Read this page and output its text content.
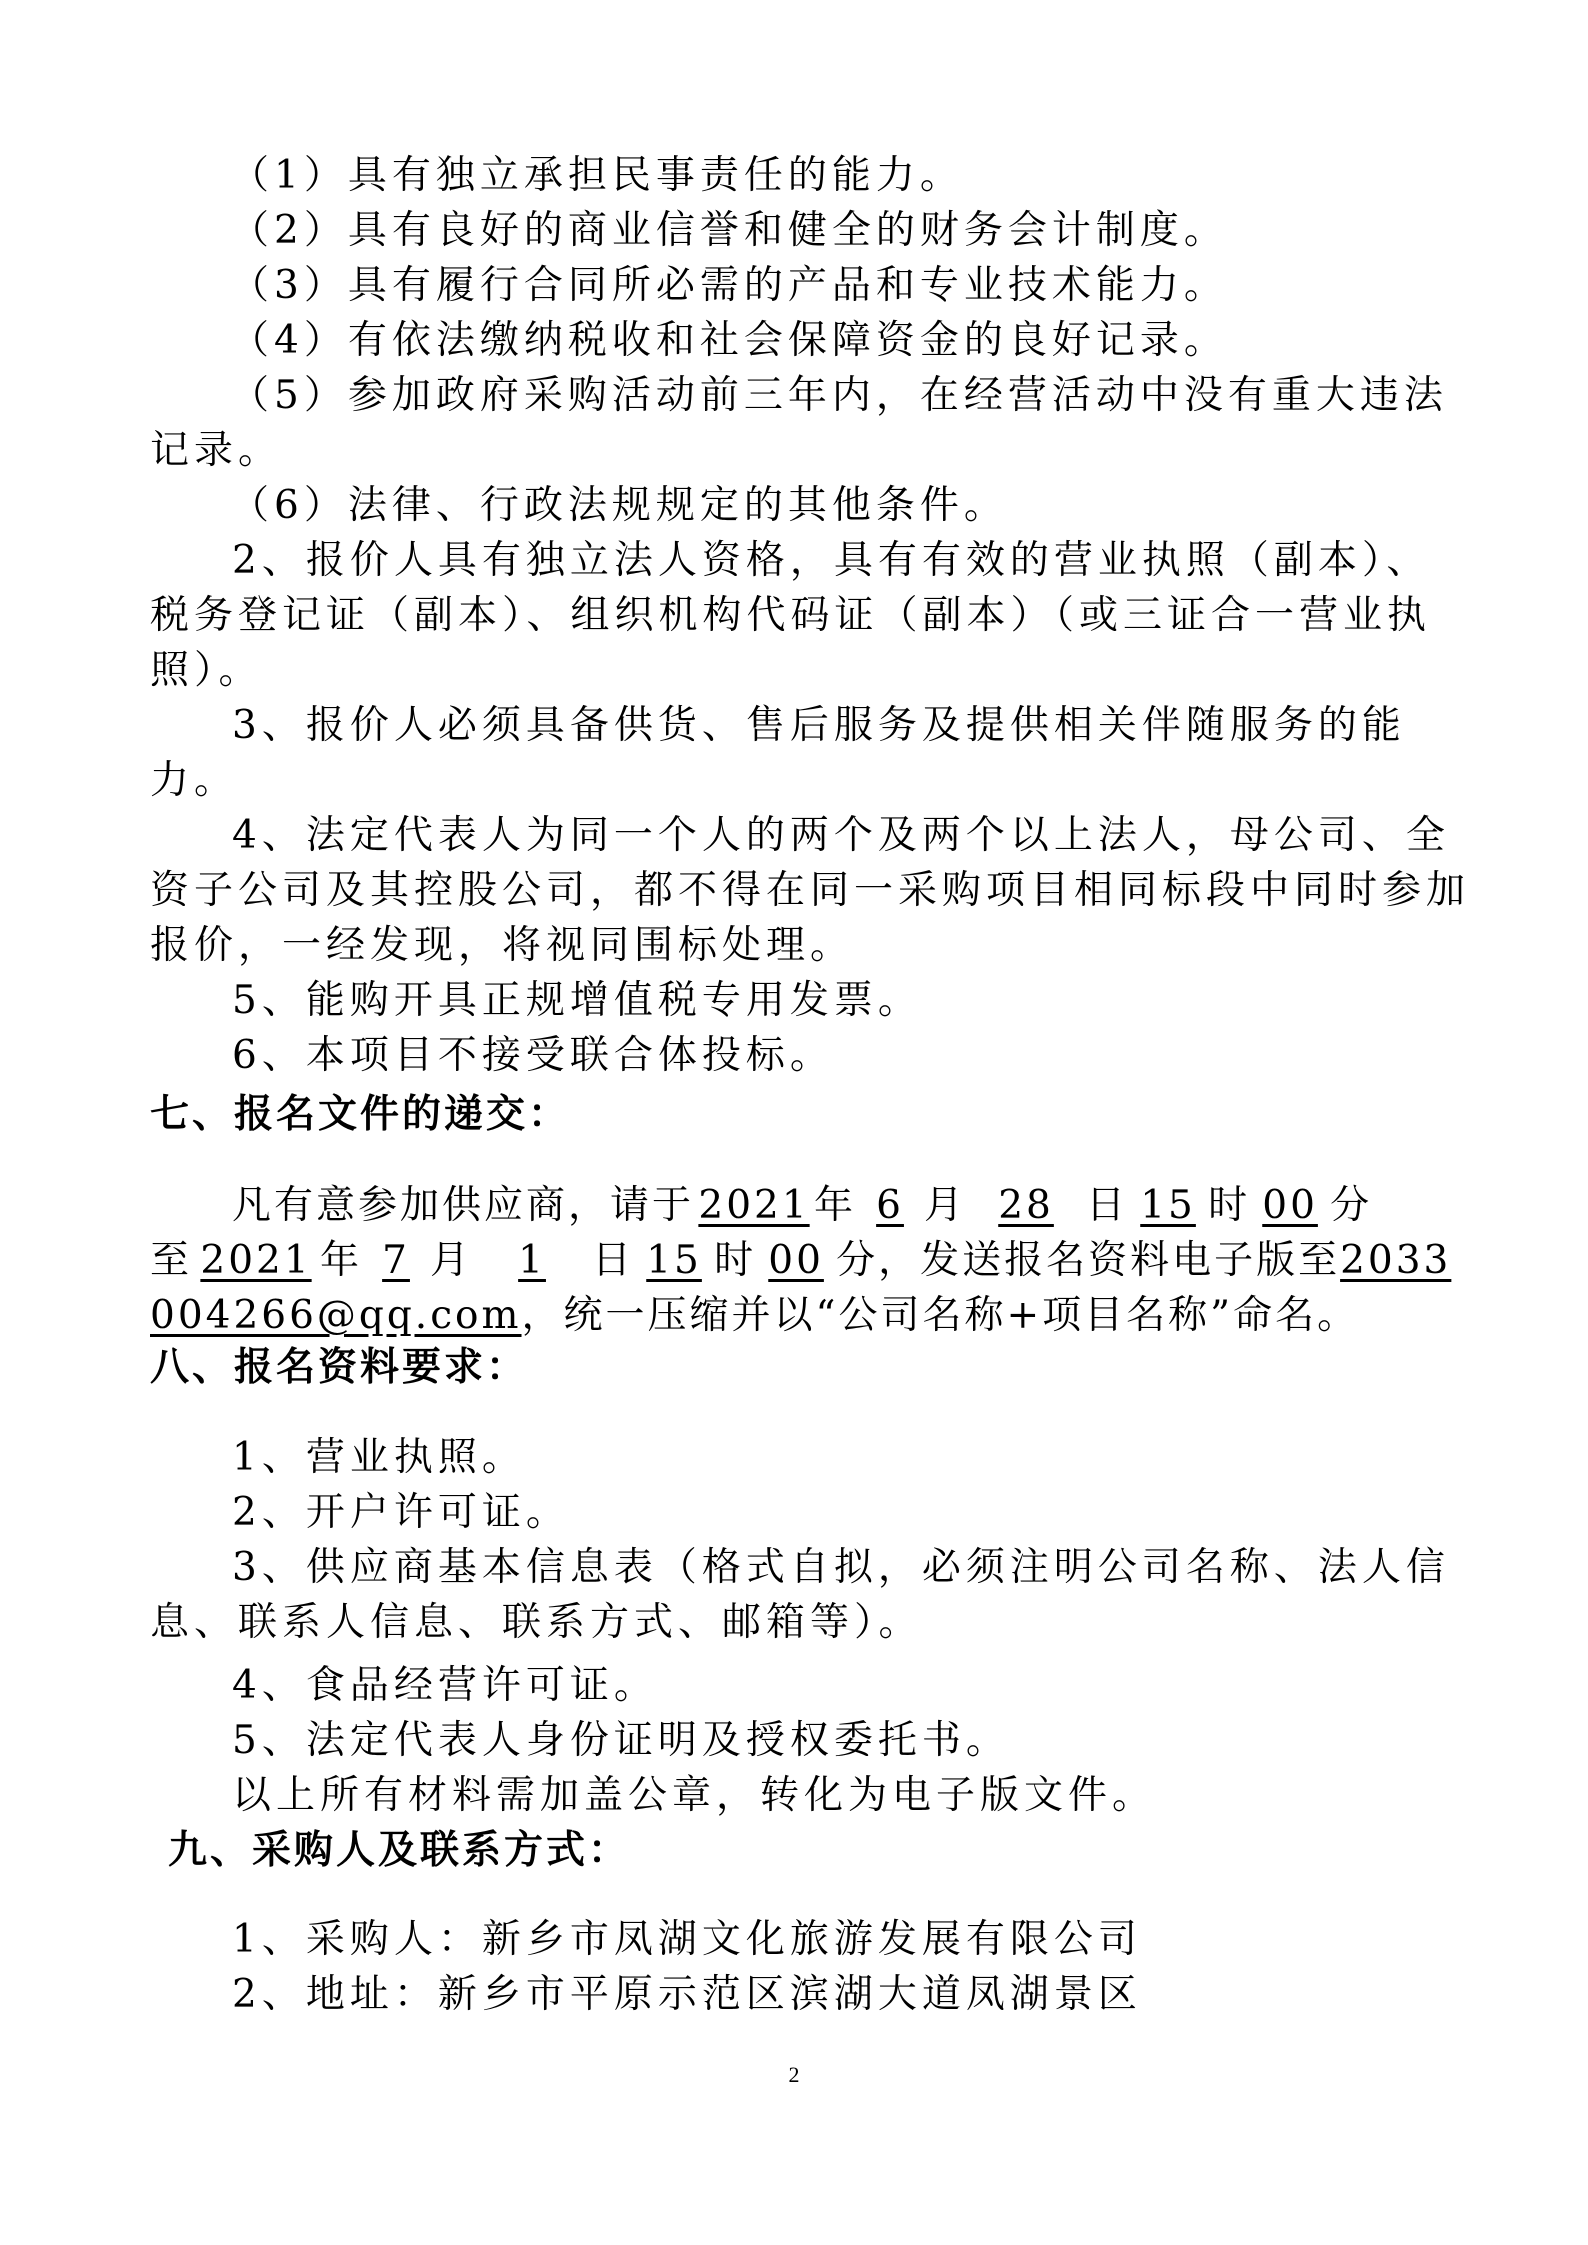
（1）具有独立承担民事责任的能力。
（2）具有良好的商业信誉和健全的财务会计制度。
（3）具有履行合同所必需的产品和专业技术能力。
（4）有依法缴纳税收和社会保障资金的良好记录。
（5）参加政府采购活动前三年内，在经营活动中没有重大违法
记录。
（6）法律、行政法规规定的其他条件。
2、报价人具有独立法人资格，具有有效的营业执照（副本）、
税务登记证（副本）、组织机构代码证（副本）（或三证合一营业执
照）。
3、报价人必须具备供货、售后服务及提供相关伴随服务的能
力。
4、法定代表人为同一个人的两个及两个以上法人，母公司、全
资子公司及其控股公司，都不得在同一采购项目相同标段中同时参加
报价，一经发现，将视同围标处理。
5、能购开具正规增值税专用发票。
6、本项目不接受联合体投标。
七、报名文件的递交：
凡有意参加供应商，请于 2021 年 6 月 28 日 15 时 00 分
至 2021 年 7 月 1 日 15 时 00 分，发送报名资料电子版至2033
004266@qq.com，统一压缩并以“公司名称+项目名称”命名。
八、报名资料要求：
1、营业执照。
2、开户许可证。
3、供应商基本信息表（格式自拟，必须注明公司名称、法人信
息、联系人信息、联系方式、邮箱等）。
4、食品经营许可证。
5、法定代表人身份证明及授权委托书。
以上所有材料需加盖公章，转化为电子版文件。
九、采购人及联系方式：
1、采购人：新乡市凤湖文化旅游发展有限公司
2、地址：新乡市平原示范区滨湖大道凤湖景区
2
